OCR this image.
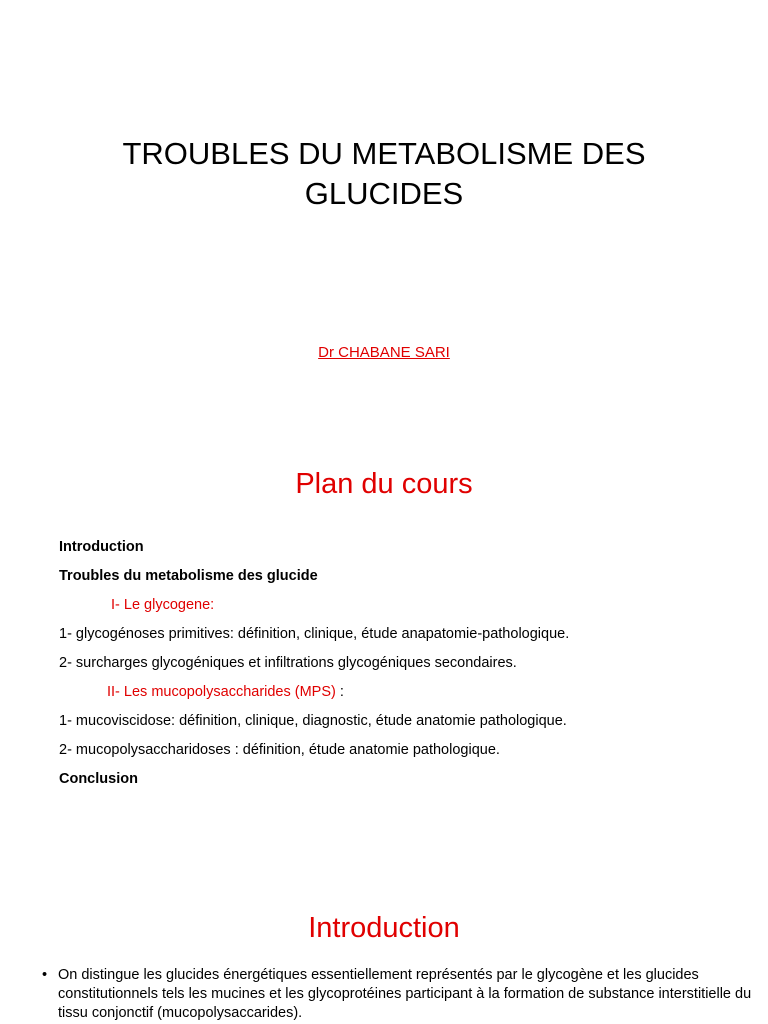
TROUBLES DU METABOLISME DES GLUCIDES

Dr CHABANE SARI

Plan du cours
Introduction
Troubles du metabolisme des glucide
I- Le glycogene:
1- glycogénoses primitives: définition, clinique, étude anapatomie-pathologique.
2- surcharges glycogéniques et infiltrations glycogéniques secondaires.
II- Les mucopolysaccharides (MPS) :
1- mucoviscidose: définition, clinique, diagnostic, étude anatomie pathologique.
2- mucopolysaccharidoses : définition, étude anatomie pathologique.
Conclusion
Introduction

• On distingue les glucides énergétiques essentiellement représentés par le glycogène et les glucides constitutionnels tels les mucines et les glycoprotéines participant à la formation de substance interstitielle du tissu conjonctif (mucopolysaccarides).
